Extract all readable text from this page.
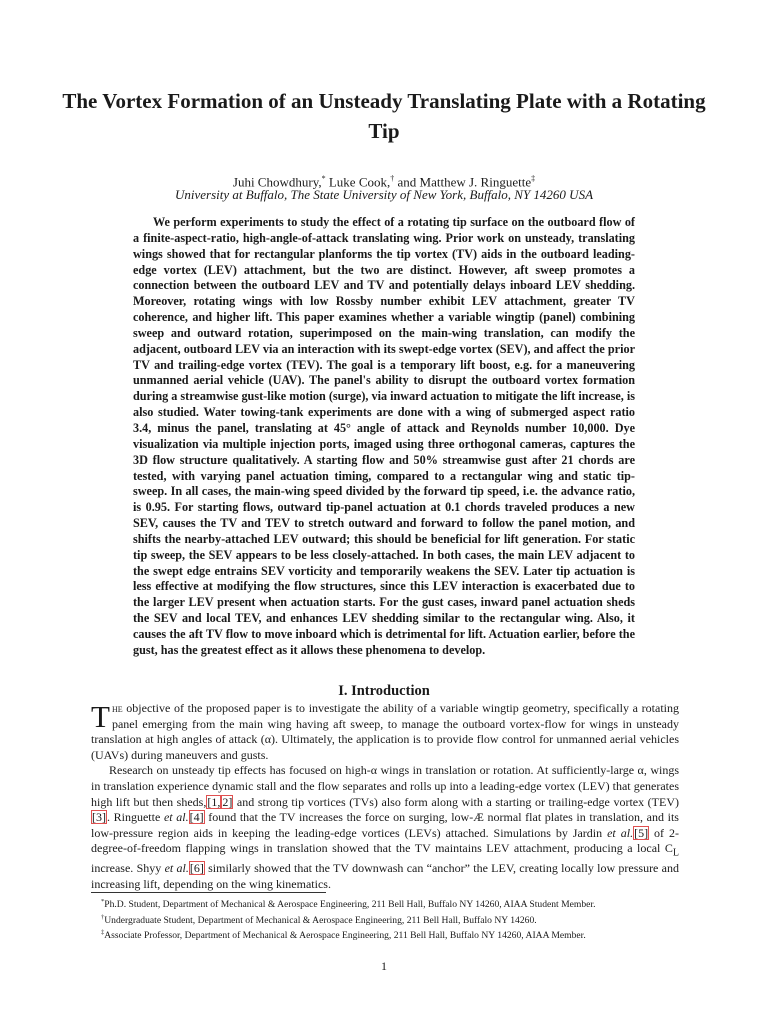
The Vortex Formation of an Unsteady Translating Plate with a Rotating Tip
Juhi Chowdhury,* Luke Cook,† and Matthew J. Ringuette‡
University at Buffalo, The State University of New York, Buffalo, NY 14260 USA

We perform experiments to study the effect of a rotating tip surface on the outboard flow of a finite-aspect-ratio, high-angle-of-attack translating wing. Prior work on unsteady, translating wings showed that for rectangular planforms the tip vortex (TV) aids in the outboard leading-edge vortex (LEV) attachment, but the two are distinct. However, aft sweep promotes a connection between the outboard LEV and TV and potentially delays inboard LEV shedding. Moreover, rotating wings with low Rossby number exhibit LEV attachment, greater TV coherence, and higher lift. This paper examines whether a variable wingtip (panel) combining sweep and outward rotation, superimposed on the main-wing translation, can modify the adjacent, outboard LEV via an interaction with its swept-edge vortex (SEV), and affect the prior TV and trailing-edge vortex (TEV). The goal is a temporary lift boost, e.g. for a maneuvering unmanned aerial vehicle (UAV). The panel's ability to disrupt the outboard vortex formation during a streamwise gust-like motion (surge), via inward actuation to mitigate the lift increase, is also studied. Water towing-tank experiments are done with a wing of submerged aspect ratio 3.4, minus the panel, translating at 45° angle of attack and Reynolds number 10,000. Dye visualization via multiple injection ports, imaged using three orthogonal cameras, captures the 3D flow structure qualitatively. A starting flow and 50% streamwise gust after 21 chords are tested, with varying panel actuation timing, compared to a rectangular wing and static tip-sweep. In all cases, the main-wing speed divided by the forward tip speed, i.e. the advance ratio, is 0.95. For starting flows, outward tip-panel actuation at 0.1 chords traveled produces a new SEV, causes the TV and TEV to stretch outward and forward to follow the panel motion, and shifts the nearby-attached LEV outward; this should be beneficial for lift generation. For static tip sweep, the SEV appears to be less closely-attached. In both cases, the main LEV adjacent to the swept edge entrains SEV vorticity and temporarily weakens the SEV. Later tip actuation is less effective at modifying the flow structures, since this LEV interaction is exacerbated due to the larger LEV present when actuation starts. For the gust cases, inward panel actuation sheds the SEV and local TEV, and enhances LEV shedding similar to the rectangular wing. Also, it causes the aft TV flow to move inboard which is detrimental for lift. Actuation earlier, before the gust, has the greatest effect as it allows these phenomena to develop.

I. Introduction

The objective of the proposed paper is to investigate the ability of a variable wingtip geometry, specifically a rotating panel emerging from the main wing having aft sweep, to manage the outboard vortex-flow for wings in unsteady translation at high angles of attack (α). Ultimately, the application is to provide flow control for unmanned aerial vehicles (UAVs) during maneuvers and gusts.

Research on unsteady tip effects has focused on high-α wings in translation or rotation. At sufficiently-large α, wings in translation experience dynamic stall and the flow separates and rolls up into a leading-edge vortex (LEV) that generates high lift but then sheds,[1, 2] and strong tip vortices (TVs) also form along with a starting or trailing-edge vortex (TEV) [3]. Ringuette et al.[4] found that the TV increases the force on surging, low-Æ normal flat plates in translation, and its low-pressure region aids in keeping the leading-edge vortices (LEVs) attached. Simulations by Jardin et al.[5] of 2-degree-of-freedom flapping wings in translation showed that the TV maintains LEV attachment, producing a local $C_L$ increase. Shyy et al.[6] similarly showed that the TV downwash can “anchor” the LEV, creating locally low pressure and increasing lift, depending on the wing kinematics.

*Ph.D. Student, Department of Mechanical & Aerospace Engineering, 211 Bell Hall, Buffalo NY 14260, AIAA Student Member.
†Undergraduate Student, Department of Mechanical & Aerospace Engineering, 211 Bell Hall, Buffalo NY 14260.
‡Associate Professor, Department of Mechanical & Aerospace Engineering, 211 Bell Hall, Buffalo NY 14260, AIAA Member.
1
